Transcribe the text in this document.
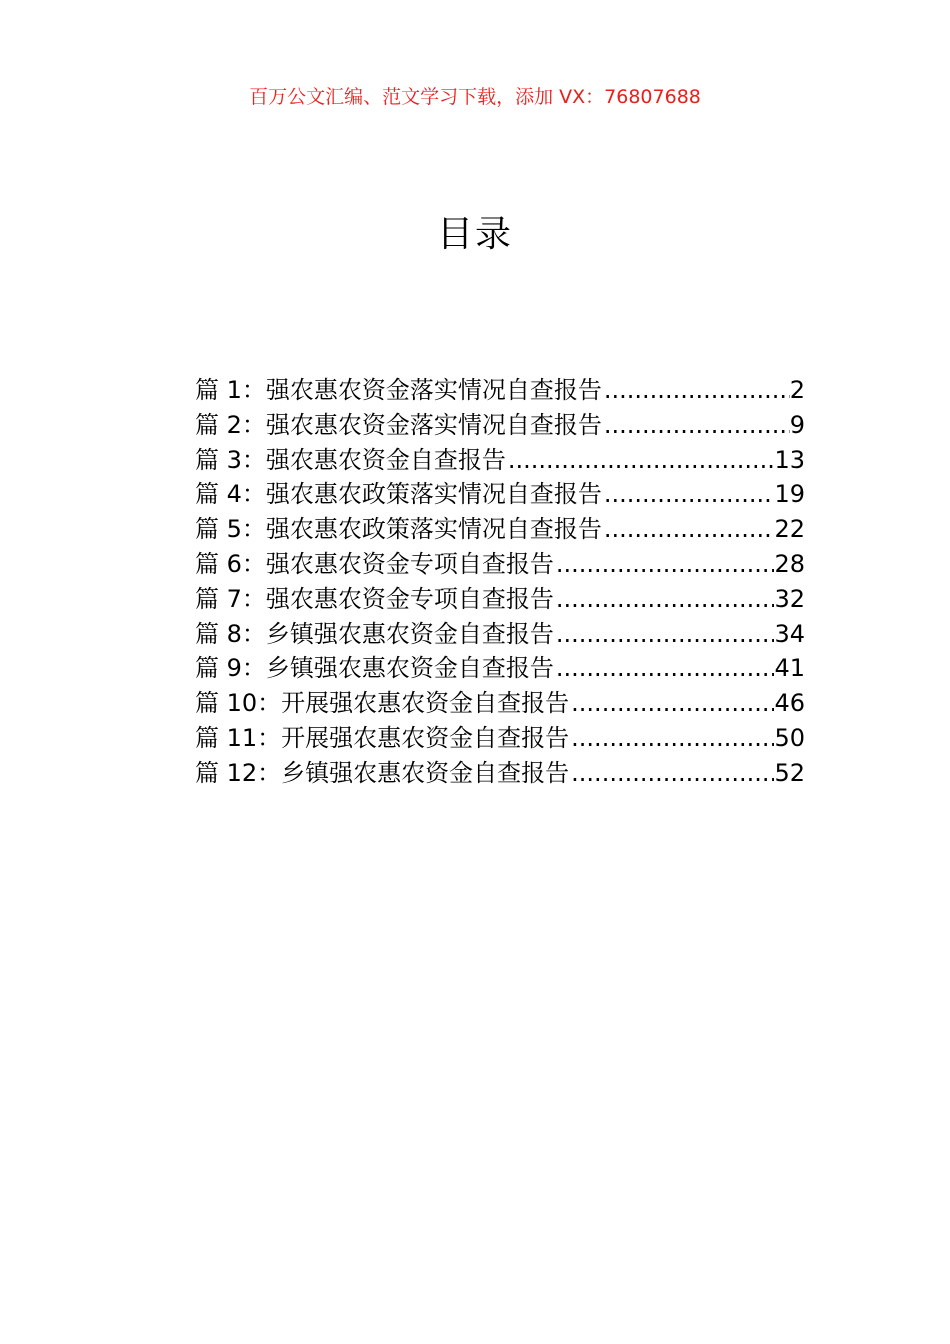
百万公文汇编、范文学习下载，添加 VX：76807688
目录
篇 1：强农惠农资金落实情况自查报告 .....	2
篇 2：强农惠农资金落实情况自查报告 .....	9
篇 3：强农惠农资金自查报告 .....	13
篇 4：强农惠农政策落实情况自查报告 .....	19
篇 5：强农惠农政策落实情况自查报告 .....	22
篇 6：强农惠农资金专项自查报告 .....	28
篇 7：强农惠农资金专项自查报告 .....	32
篇 8：乡镇强农惠农资金自查报告 .....	34
篇 9：乡镇强农惠农资金自查报告 .....	41
篇 10：开展强农惠农资金自查报告 .....	46
篇 11：开展强农惠农资金自查报告 .....	50
篇 12：乡镇强农惠农资金自查报告 .....	52
